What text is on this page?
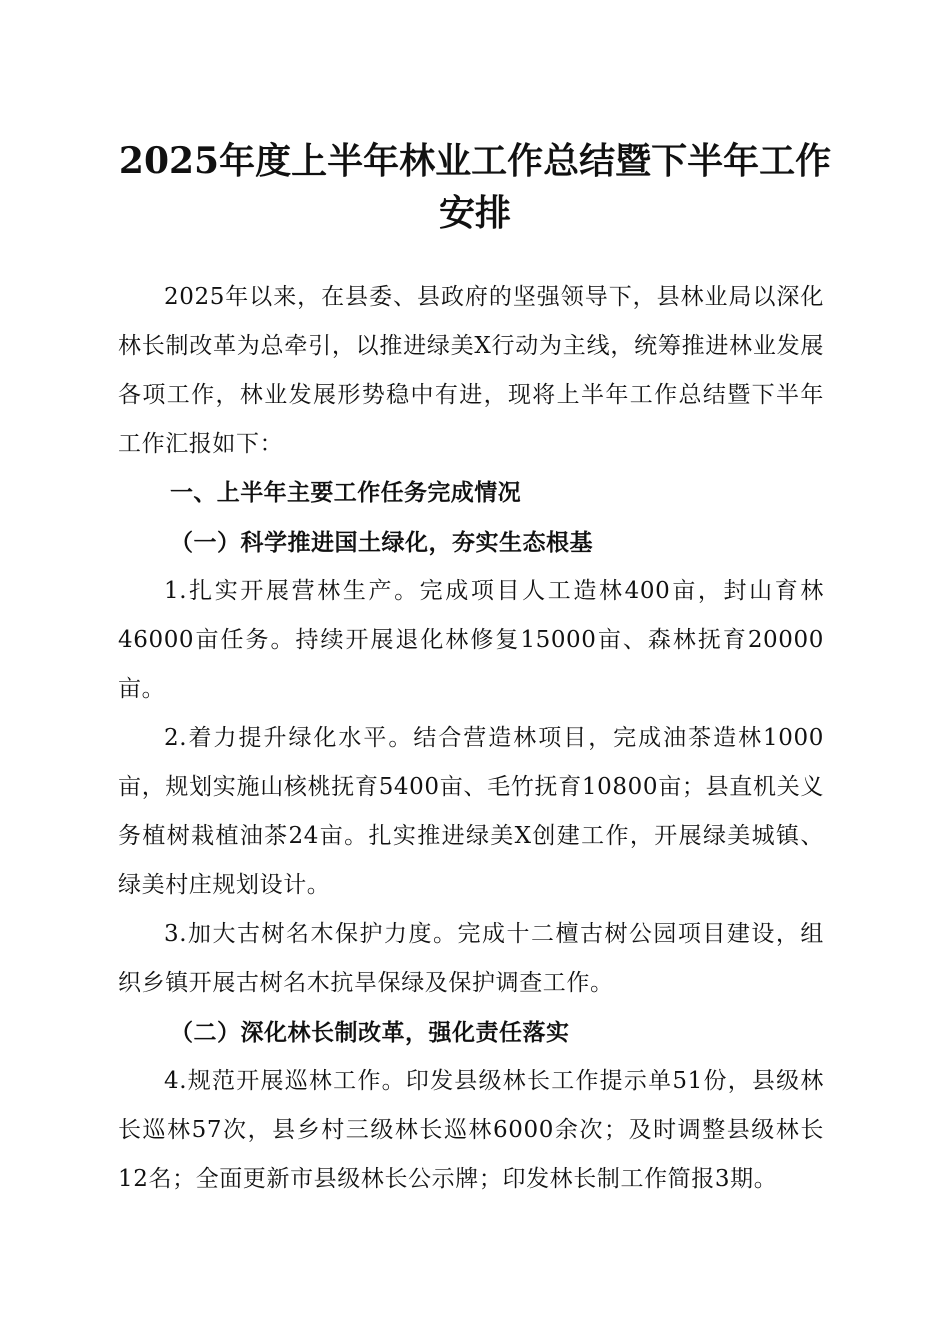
2025年度上半年林业工作总结暨下半年工作
安排

2025年以来，在县委、县政府的坚强领导下，县林业局以深化林长制改革为总牵引，以推进绿美X行动为主线，统筹推进林业发展各项工作，林业发展形势稳中有进，现将上半年工作总结暨下半年工作汇报如下：

一、上半年主要工作任务完成情况

（一）科学推进国土绿化，夯实生态根基

1.扎实开展营林生产。完成项目人工造林400亩，封山育林46000亩任务。持续开展退化林修复15000亩、森林抚育20000亩。

2.着力提升绿化水平。结合营造林项目，完成油茶造林1000亩，规划实施山核桃抚育5400亩、毛竹抚育10800亩；县直机关义务植树栽植油茶24亩。扎实推进绿美X创建工作，开展绿美城镇、绿美村庄规划设计。

3.加大古树名木保护力度。完成十二檀古树公园项目建设，组织乡镇开展古树名木抗旱保绿及保护调查工作。

（二）深化林长制改革，强化责任落实

4.规范开展巡林工作。印发县级林长工作提示单51份，县级林长巡林57次，县乡村三级林长巡林6000余次；及时调整县级林长12名；全面更新市县级林长公示牌；印发林长制工作简报3期。
